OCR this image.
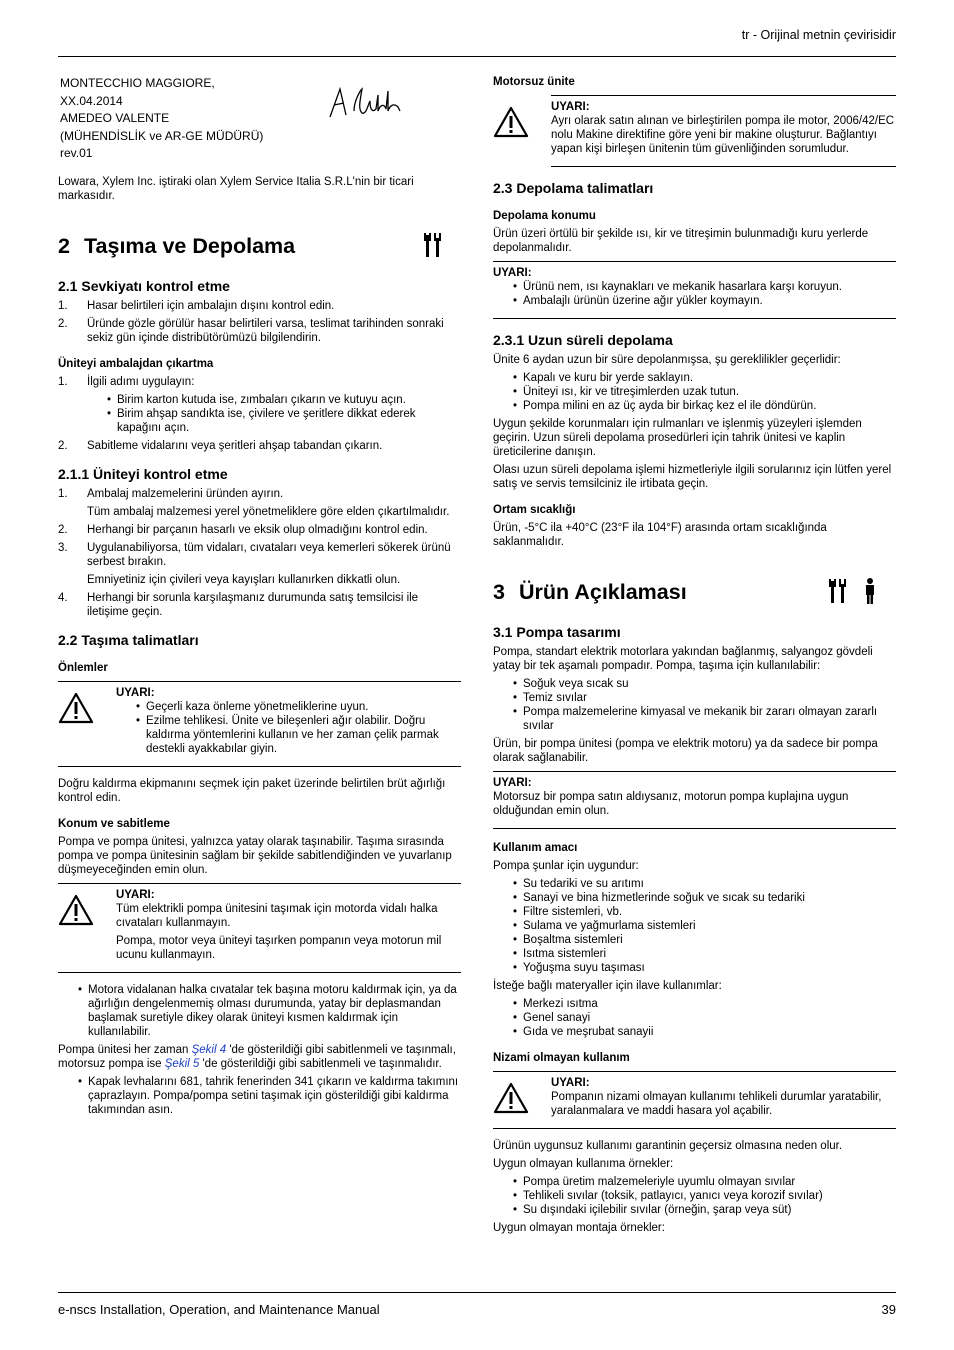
tr - Orijinal metnin çevirisidir
MONTECCHIO MAGGIORE,
XX.04.2014
AMEDEO VALENTE
(MÜHENDİSLİK ve AR-GE MÜDÜRÜ)
rev.01

Lowara, Xylem Inc. iştiraki olan Xylem Service Italia S.R.L'nin bir ticari markasıdır.

2 Taşıma ve Depolama
2.1 Sevkiyatı kontrol etme
1.	Hasar belirtileri için ambalajın dışını kontrol edin.
2.	Üründe gözle görülür hasar belirtileri varsa, teslimat tarihinden sonraki sekiz gün içinde distribütörümüzü bilgilendirin.
Üniteyi ambalajdan çıkartma
1.	İlgili adımı uygulayın:
• Birim karton kutuda ise, zımbaları çıkarın ve kutuyu açın.
• Birim ahşap sandıkta ise, çivilere ve şeritlere dikkat ederek kapağını açın.
2.	Sabitleme vidalarını veya şeritleri ahşap tabandan çıkarın.
2.1.1 Üniteyi kontrol etme
1.	Ambalaj malzemelerini üründen ayırın.
Tüm ambalaj malzemesi yerel yönetmeliklere göre elden çıkartılmalıdır.
2.	Herhangi bir parçanın hasarlı ve eksik olup olmadığını kontrol edin.
3.	Uygulanabiliyorsa, tüm vidaları, cıvataları veya kemerleri sökerek ürünü serbest bırakın.
Emniyetiniz için çivileri veya kayışları kullanırken dikkatli olun.
4.	Herhangi bir sorunla karşılaşmanız durumunda satış temsilcisi ile iletişime geçin.
2.2 Taşıma talimatları
Önlemler
UYARI:
• Geçerli kaza önleme yönetmeliklerine uyun.
• Ezilme tehlikesi. Ünite ve bileşenleri ağır olabilir. Doğru kaldırma yöntemlerini kullanın ve her zaman çelik parmak destekli ayakkabılar giyin.

Doğru kaldırma ekipmanını seçmek için paket üzerinde belirtilen brüt ağırlığı kontrol edin.

Konum ve sabitleme

Pompa ve pompa ünitesi, yalnızca yatay olarak taşınabilir. Taşıma sırasında pompa ve pompa ünitesinin sağlam bir şekilde sabitlendiğinden ve yuvarlanıp düşmeyeceğinden emin olun.

UYARI:

Tüm elektrikli pompa ünitesini taşımak için motorda vidalı halka cıvataları kullanmayın.

Pompa, motor veya üniteyi taşırken pompanın veya motorun mil ucunu kullanmayın.

• Motora vidalanan halka cıvatalar tek başına motoru kaldırmak için, ya da ağırlığın dengelenmemiş olması durumunda, yatay bir deplasmandan başlamak suretiyle dikey olarak üniteyi kısmen kaldırmak için kullanılabilir.

Pompa ünitesi her zaman Şekil 4 'de gösterildiği gibi sabitlenmeli ve taşınmalı, motorsuz pompa ise Şekil 5 'de gösterildiği gibi sabitlenmeli ve taşınmalıdır.

• Kapak levhalarını 681, tahrik fenerinden 341 çıkarın ve kaldırma takımını çaprazlayın. Pompa/pompa setini taşımak için gösterildiği gibi kaldırma takımından asın.
Motorsuz ünite
UYARI:

Ayrı olarak satın alınan ve birleştirilen pompa ile motor, 2006/42/EC nolu Makine direktifine göre yeni bir makine oluşturur. Bağlantıyı yapan kişi birleşen ünitenin tüm güvenliğinden sorumludur.

2.3 Depolama talimatları
Depolama konumu

Ürün üzeri örtülü bir şekilde ısı, kir ve titreşimin bulunmadığı kuru yerlerde depolanmalıdır.

UYARI:
• Ürünü nem, ısı kaynakları ve mekanik hasarlara karşı koruyun.
• Ambalajlı ürünün üzerine ağır yükler koymayın.
2.3.1 Uzun süreli depolama

Ünite 6 aydan uzun bir süre depolanmışsa, şu gereklilikler geçerlidir:

• Kapalı ve kuru bir yerde saklayın.
• Üniteyi ısı, kir ve titreşimlerden uzak tutun.
• Pompa milini en az üç ayda bir birkaç kez el ile döndürün.

Uygun şekilde korunmaları için rulmanları ve işlenmiş yüzeyleri işlemden geçirin. Uzun süreli depolama prosedürleri için tahrik ünitesi ve kaplin üreticilerine danışın.

Olası uzun süreli depolama işlemi hizmetleriyle ilgili sorularınız için lütfen yerel satış ve servis temsilciniz ile irtibata geçin.

Ortam sıcaklığı

Ürün, -5°C ila +40°C (23°F ila 104°F) arasında ortam sıcaklığında saklanmalıdır.

3 Ürün Açıklaması
3.1 Pompa tasarımı

Pompa, standart elektrik motorlara yakından bağlanmış, salyangoz gövdeli yatay bir tek aşamalı pompadır. Pompa, taşıma için kullanılabilir:

• Soğuk veya sıcak su
• Temiz sıvılar
• Pompa malzemelerine kimyasal ve mekanik bir zararı olmayan zararlı sıvılar

Ürün, bir pompa ünitesi (pompa ve elektrik motoru) ya da sadece bir pompa olarak sağlanabilir.

UYARI:

Motorsuz bir pompa satın aldıysanız, motorun pompa kuplajına uygun olduğundan emin olun.

Kullanım amacı

Pompa şunlar için uygundur:

• Su tedariki ve su arıtımı
• Sanayi ve bina hizmetlerinde soğuk ve sıcak su tedariki
• Filtre sistemleri, vb.
• Sulama ve yağmurlama sistemleri
• Boşaltma sistemleri
• Isıtma sistemleri
• Yoğuşma suyu taşıması

İsteğe bağlı materyaller için ilave kullanımlar:

• Merkezi ısıtma
• Genel sanayi
• Gıda ve meşrubat sanayii
Nizami olmayan kullanım
UYARI:

Pompanın nizami olmayan kullanımı tehlikeli durumlar yaratabilir, yaralanmalara ve maddi hasara yol açabilir.

Ürünün uygunsuz kullanımı garantinin geçersiz olmasına neden olur.

Uygun olmayan kullanıma örnekler:

• Pompa üretim malzemeleriyle uyumlu olmayan sıvılar
• Tehlikeli sıvılar (toksik, patlayıcı, yanıcı veya korozif sıvılar)
• Su dışındaki içilebilir sıvılar (örneğin, şarap veya süt)

Uygun olmayan montaja örnekler:

e-nscs Installation, Operation, and Maintenance Manual	39
